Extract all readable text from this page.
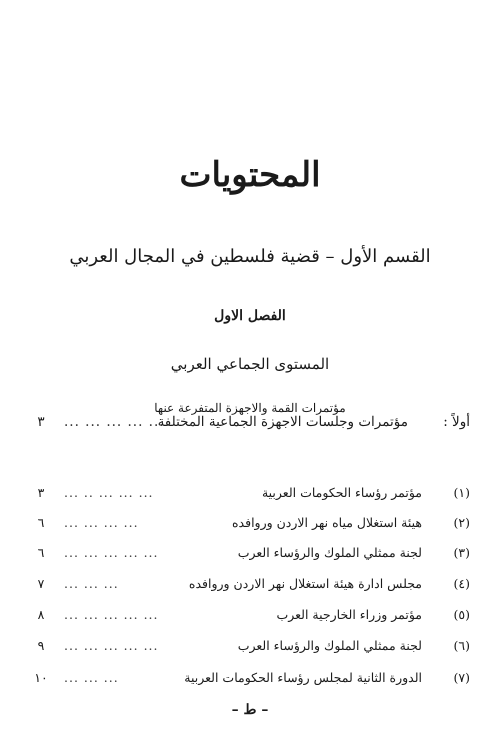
المحتويات
القسم الأول – قضية فلسطين في المجال العربي
الفصل الاول
المستوى الجماعي العربي
مؤتمرات القمة والاجهزة المتفرعة عنها
أولاً :
مؤتمرات وجلسات الاجهزة الجماعية المختلفة
... ... ... ... ...
٣
(١)
مؤتمر رؤساء الحكومات العربية
... .. ... ... ...
٣
(٢)
هيئة استغلال مياه نهر الاردن وروافده
... ... ... ...
٦
(٣)
لجنة ممثلي الملوك والرؤساء العرب
... ... ... ... ...
٦
(٤)
مجلس ادارة هيئة استغلال نهر الاردن وروافده
... ... ...
٧
(٥)
مؤتمر وزراء الخارجية العرب
... ... ... ... ...
٨
(٦)
لجنة ممثلي الملوك والرؤساء العرب
... ... ... ... ...
٩
(٧)
الدورة الثانية لمجلس رؤساء الحكومات العربية
... ... ...
١٠
– ط –
